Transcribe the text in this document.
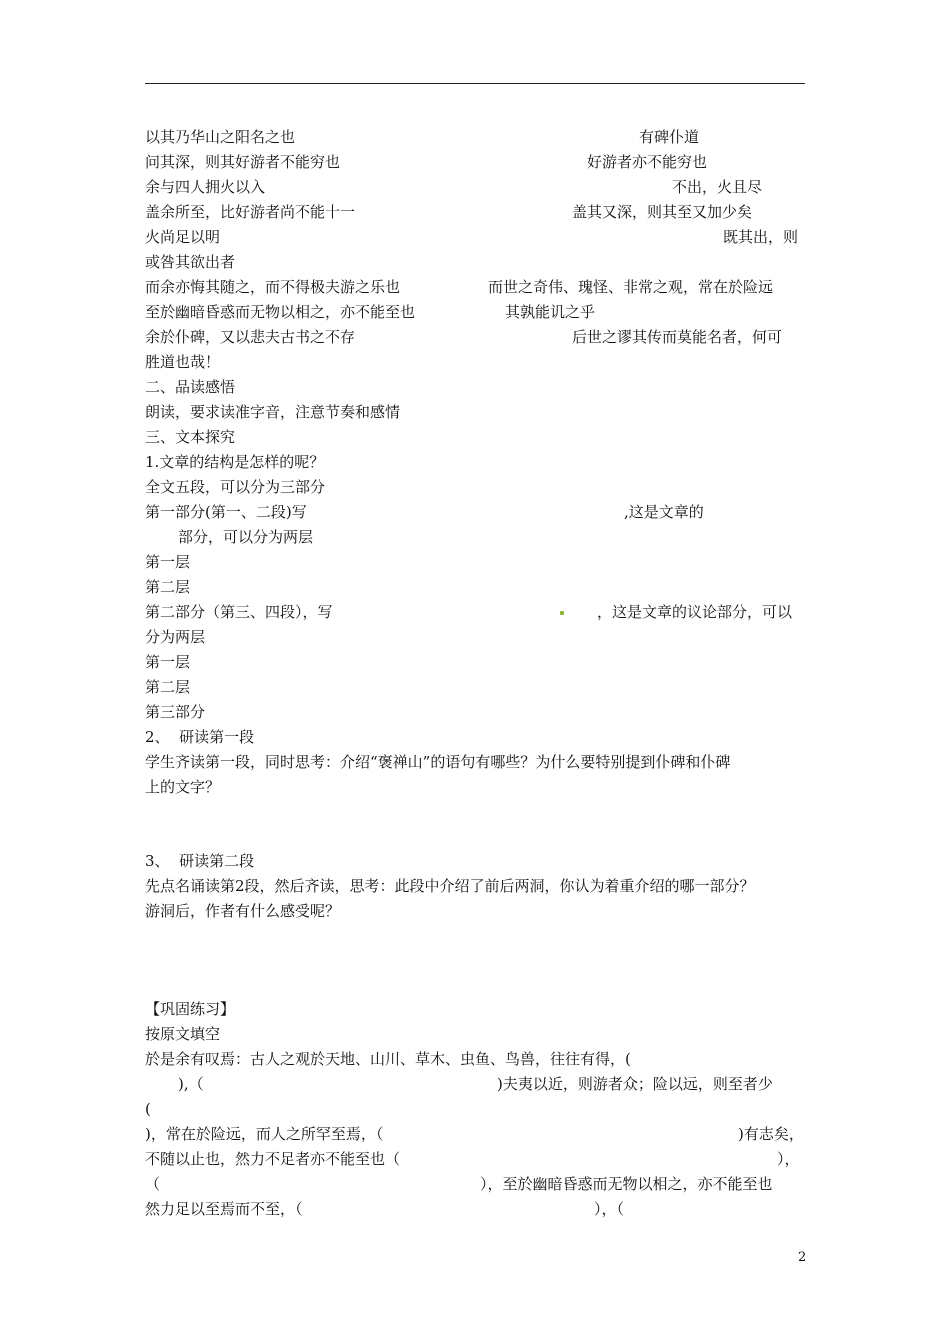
以其乃华山之阳名之也	有碑仆道
问其深，则其好游者不能穷也	好游者亦不能穷也
余与四人拥火以入	不出，火且尽
盖余所至，比好游者尚不能十一	盖其又深，则其至又加少矣
火尚足以明	既其出，则
或咎其欲出者
而余亦悔其随之，而不得极夫游之乐也	而世之奇伟、瑰怪、非常之观，常在於险远
至於幽暗昏惑而无物以相之，亦不能至也	其孰能讥之乎
余於仆碑，又以悲夫古书之不存	后世之谬其传而莫能名者，何可
胜道也哉！
二、品读感悟
朗读，要求读准字音，注意节奏和感情
三、文本探究
1.文章的结构是怎样的呢？
全文五段，可以分为三部分
第一部分(第一、二段)写	,这是文章的
部分，可以分为两层
第一层
第二层
第二部分（第三、四段），写	，这是文章的议论部分，可以
分为两层
第一层
第二层
第三部分
2、  研读第一段
学生齐读第一段，同时思考：介绍“褒禅山”的语句有哪些？为什么要特别提到仆碑和仆碑
上的文字？
3、  研读第二段
先点名诵读第2段，然后齐读，思考：此段中介绍了前后两洞，你认为着重介绍的哪一部分？
游洞后，作者有什么感受呢？
【巩固练习】
按原文填空
於是余有叹焉：古人之观於天地、山川、草木、虫鱼、鸟兽，往往有得，(
),（	)夫夷以近，则游者众；险以远，则至者少
(
)，常在於险远，而人之所罕至焉，（	)有志矣，
不随以止也，然力不足者亦不能至也（	），
（	），至於幽暗昏惑而无物以相之，亦不能至也
然力足以至焉而不至，（	），（
2
